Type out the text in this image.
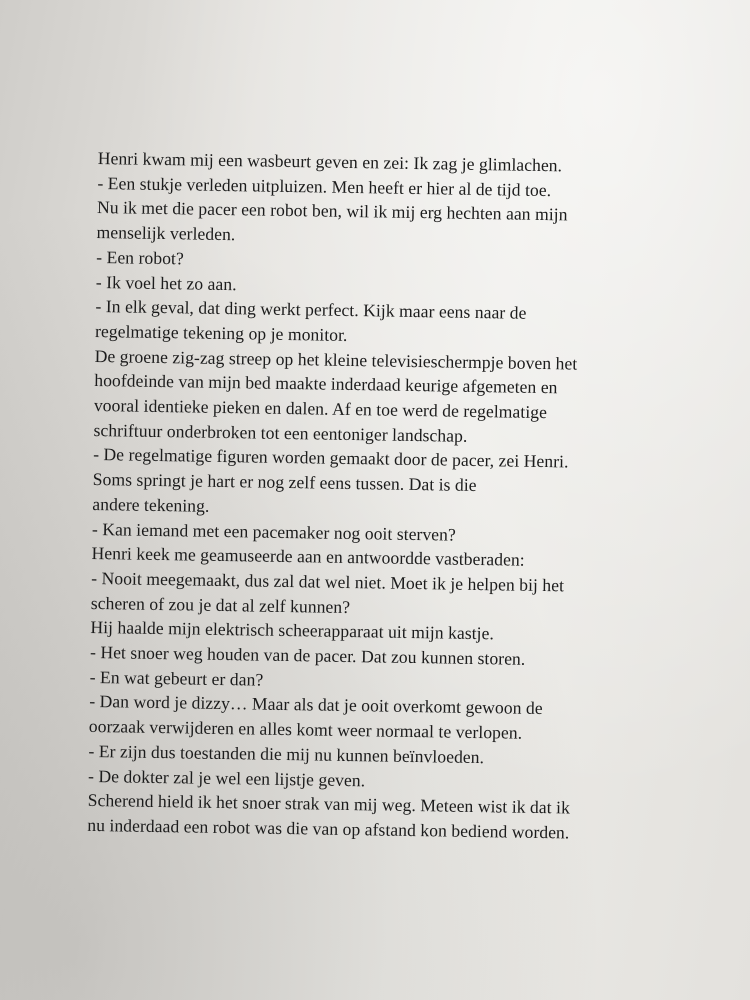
Henri kwam mij een wasbeurt geven en zei: Ik zag je glimlachen.
- Een stukje verleden uitpluizen. Men heeft er hier al de tijd toe.
Nu ik met die pacer een robot ben, wil ik mij erg hechten aan mijn
menselijk verleden.
- Een robot?
- Ik voel het zo aan.
- In elk geval, dat ding werkt perfect. Kijk maar eens naar de
regelmatige tekening op je monitor.
De groene zig-zag streep op het kleine televisieschermpje boven het
hoofdeinde van mijn bed maakte inderdaad keurige afgemeten en
vooral identieke pieken en dalen. Af en toe werd de regelmatige
schriftuur onderbroken tot een eentoniger landschap.
- De regelmatige figuren worden gemaakt door de pacer, zei Henri.
Soms springt je hart er nog zelf eens tussen. Dat is die
andere tekening.
- Kan iemand met een pacemaker nog ooit sterven?
Henri keek me geamuseerde aan en antwoordde vastberaden:
- Nooit meegemaakt, dus zal dat wel niet. Moet ik je helpen bij het
scheren of zou je dat al zelf kunnen?
Hij haalde mijn elektrisch scheerapparaat uit mijn kastje.
- Het snoer weg houden van de pacer. Dat zou kunnen storen.
- En wat gebeurt er dan?
- Dan word je dizzy… Maar als dat je ooit overkomt gewoon de
oorzaak verwijderen en alles komt weer normaal te verlopen.
- Er zijn dus toestanden die mij nu kunnen beïnvloeden.
- De dokter zal je wel een lijstje geven.
Scherend hield ik het snoer strak van mij weg. Meteen wist ik dat ik
nu inderdaad een robot was die van op afstand kon bediend worden.
